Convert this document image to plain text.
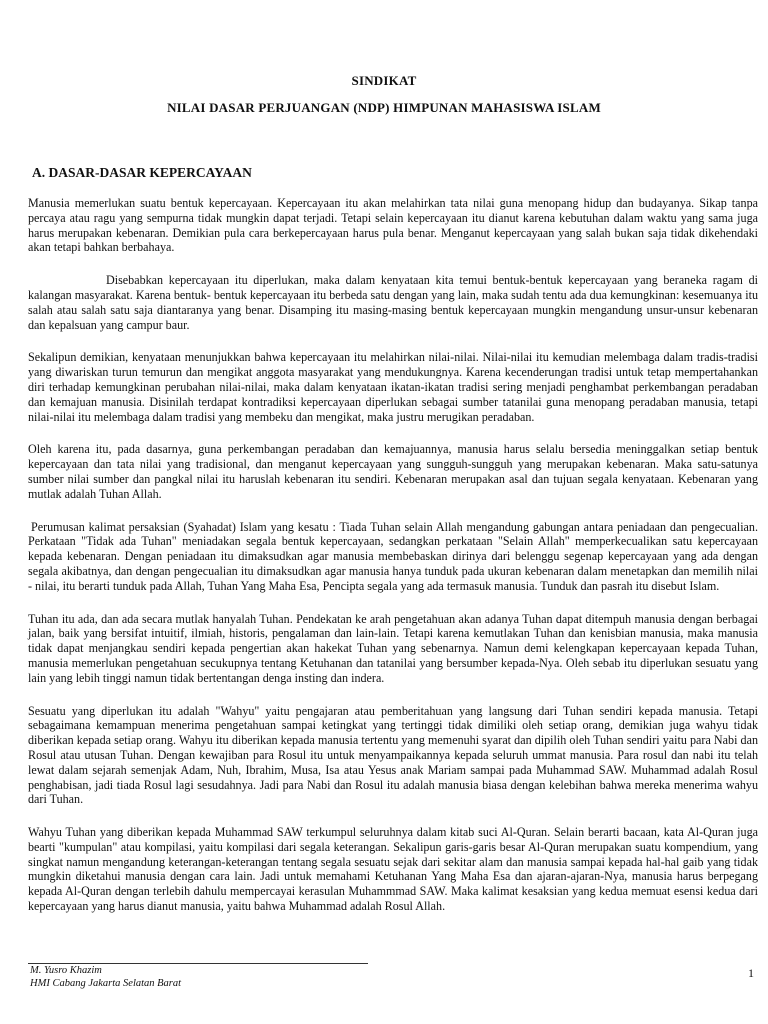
SINDIKAT
NILAI DASAR PERJUANGAN (NDP) HIMPUNAN MAHASISWA ISLAM
A. DASAR-DASAR KEPERCAYAAN

Manusia memerlukan suatu bentuk kepercayaan. Kepercayaan itu akan melahirkan tata nilai guna menopang hidup dan budayanya. Sikap tanpa percaya atau ragu yang sempurna tidak mungkin dapat terjadi. Tetapi selain kepercayaan itu dianut karena kebutuhan dalam waktu yang sama juga harus merupakan kebenaran. Demikian pula cara berkepercayaan harus pula benar. Menganut kepercayaan yang salah bukan saja tidak dikehendaki akan tetapi bahkan berbahaya.

Disebabkan kepercayaan itu diperlukan, maka dalam kenyataan kita temui bentuk-bentuk kepercayaan yang beraneka ragam di kalangan masyarakat. Karena bentuk- bentuk kepercayaan itu berbeda satu dengan yang lain, maka sudah tentu ada dua kemungkinan: kesemuanya itu salah atau salah satu saja diantaranya yang benar. Disamping itu masing-masing bentuk kepercayaan mungkin mengandung unsur-unsur kebenaran dan kepalsuan yang campur baur.

Sekalipun demikian, kenyataan menunjukkan bahwa kepercayaan itu melahirkan nilai-nilai. Nilai-nilai itu kemudian melembaga dalam tradis-tradisi yang diwariskan turun temurun dan mengikat anggota masyarakat yang mendukungnya. Karena kecenderungan tradisi untuk tetap mempertahankan diri terhadap kemungkinan perubahan nilai-nilai, maka dalam kenyataan ikatan-ikatan tradisi sering menjadi penghambat perkembangan peradaban dan kemajuan manusia. Disinilah terdapat kontradiksi kepercayaan diperlukan sebagai sumber tatanilai guna menopang peradaban manusia, tetapi nilai-nilai itu melembaga dalam tradisi yang membeku dan mengikat, maka justru merugikan peradaban.

Oleh karena itu, pada dasarnya, guna perkembangan peradaban dan kemajuannya, manusia harus selalu bersedia meninggalkan setiap bentuk kepercayaan dan tata nilai yang tradisional, dan menganut kepercayaan yang sungguh-sungguh yang merupakan kebenaran. Maka satu-satunya sumber nilai sumber dan pangkal nilai itu haruslah kebenaran itu sendiri. Kebenaran merupakan asal dan tujuan segala kenyataan. Kebenaran yang mutlak adalah Tuhan Allah.

Perumusan kalimat persaksian (Syahadat) Islam yang kesatu : Tiada Tuhan selain Allah mengandung gabungan antara peniadaan dan pengecualian. Perkataan "Tidak ada Tuhan" meniadakan segala bentuk kepercayaan, sedangkan perkataan "Selain Allah" memperkecualikan satu kepercayaan kepada kebenaran. Dengan peniadaan itu dimaksudkan agar manusia membebaskan dirinya dari belenggu segenap kepercayaan yang ada dengan segala akibatnya, dan dengan pengecualian itu dimaksudkan agar manusia hanya tunduk pada ukuran kebenaran dalam menetapkan dan memilih nilai - nilai, itu berarti tunduk pada Allah, Tuhan Yang Maha Esa, Pencipta segala yang ada termasuk manusia. Tunduk dan pasrah itu disebut Islam.

Tuhan itu ada, dan ada secara mutlak hanyalah Tuhan. Pendekatan ke arah pengetahuan akan adanya Tuhan dapat ditempuh manusia dengan berbagai jalan, baik yang bersifat intuitif, ilmiah, historis, pengalaman dan lain-lain. Tetapi karena kemutlakan Tuhan dan kenisbian manusia, maka manusia tidak dapat menjangkau sendiri kepada pengertian akan hakekat Tuhan yang sebenarnya. Namun demi kelengkapan kepercayaan kepada Tuhan, manusia memerlukan pengetahuan secukupnya tentang Ketuhanan dan tatanilai yang bersumber kepada-Nya. Oleh sebab itu diperlukan sesuatu yang lain yang lebih tinggi namun tidak bertentangan denga insting dan indera.

Sesuatu yang diperlukan itu adalah "Wahyu" yaitu pengajaran atau pemberitahuan yang langsung dari Tuhan sendiri kepada manusia. Tetapi sebagaimana kemampuan menerima pengetahuan sampai ketingkat yang tertinggi tidak dimiliki oleh setiap orang, demikian juga wahyu tidak diberikan kepada setiap orang. Wahyu itu diberikan kepada manusia tertentu yang memenuhi syarat dan dipilih oleh Tuhan sendiri yaitu para Nabi dan Rosul atau utusan Tuhan. Dengan kewajiban para Rosul itu untuk menyampaikannya kepada seluruh ummat manusia. Para rosul dan nabi itu telah lewat dalam sejarah semenjak Adam, Nuh, Ibrahim, Musa, Isa atau Yesus anak Mariam sampai pada Muhammad SAW. Muhammad adalah Rosul penghabisan, jadi tiada Rosul lagi sesudahnya. Jadi para Nabi dan Rosul itu adalah manusia biasa dengan kelebihan bahwa mereka menerima wahyu dari Tuhan.

Wahyu Tuhan yang diberikan kepada Muhammad SAW terkumpul seluruhnya dalam kitab suci Al-Quran. Selain berarti bacaan, kata Al-Quran juga bearti "kumpulan" atau kompilasi, yaitu kompilasi dari segala keterangan. Sekalipun garis-garis besar Al-Quran merupakan suatu kompendium, yang singkat namun mengandung keterangan-keterangan tentang segala sesuatu sejak dari sekitar alam dan manusia sampai kepada hal-hal gaib yang tidak mungkin diketahui manusia dengan cara lain. Jadi untuk memahami Ketuhanan Yang Maha Esa dan ajaran-ajaran-Nya, manusia harus berpegang kepada Al-Quran dengan terlebih dahulu mempercayai kerasulan Muhammmad SAW. Maka kalimat kesaksian yang kedua memuat esensi kedua dari kepercayaan yang harus dianut manusia, yaitu bahwa Muhammad adalah Rosul Allah.

M. Yusro Khazim
HMI Cabang Jakarta Selatan Barat
1
